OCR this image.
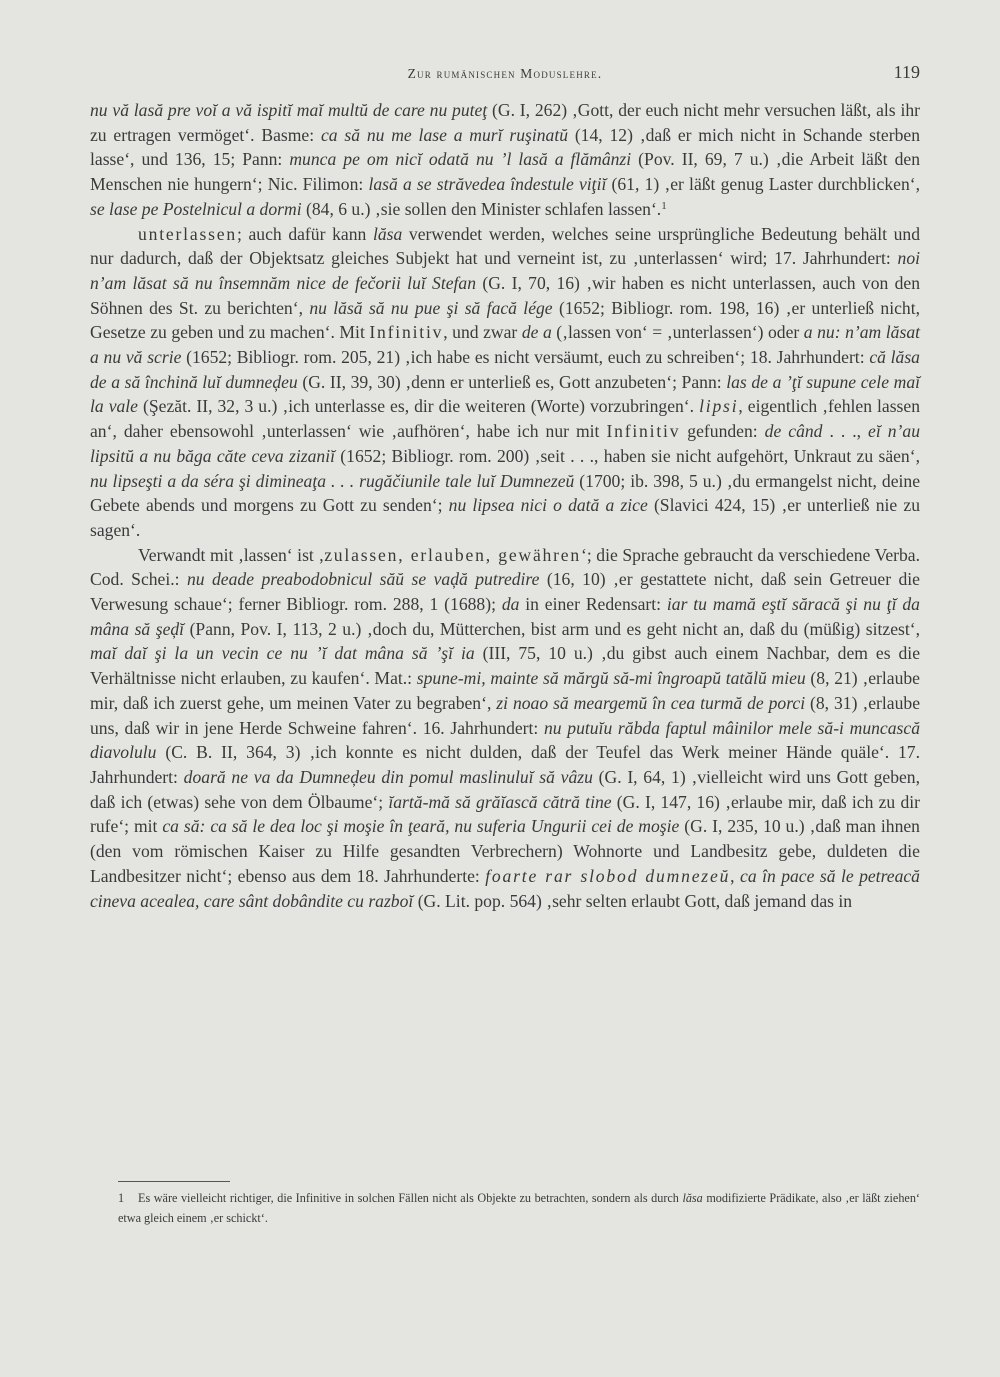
Zur rumänischen Moduslehre.	119

nu vă lasă pre voĭ a vă ispitĭ maĭ multŭ de care nu puteţ (G. I, 262) ‚Gott, der euch nicht mehr versuchen läßt, als ihr zu ertragen vermöget‘. Basme: ca să nu me lase a murĭ ruşinatŭ (14, 12) ‚daß er mich nicht in Schande sterben lasse‘, und 136, 15; Pann: munca pe om nicĭ odată nu ’l lasă a flămânzi (Pov. II, 69, 7 u.) ‚die Arbeit läßt den Menschen nie hungern‘; Nic. Filimon: lasă a se străvedea îndestule viţiĭ (61, 1) ‚er läßt genug Laster durchblicken‘, se lase pe Postelnicul a dormi (84, 6 u.) ‚sie sollen den Minister schlafen lassen‘.$^1$

unterlassen; auch dafür kann lăsa verwendet werden, welches seine ursprüngliche Bedeutung behält und nur dadurch, daß der Objektsatz gleiches Subjekt hat und verneint ist, zu ‚unterlassen‘ wird; 17. Jahrhundert: noi n’am lăsat să nu însemnăm nice de fečorii luĭ Stefan (G. I, 70, 16) ‚wir haben es nicht unterlassen, auch von den Söhnen des St. zu berichten‘, nu lăsă să nu pue şi să facă lége (1652; Bibliogr. rom. 198, 16) ‚er unterließ nicht, Gesetze zu geben und zu machen‘. Mit Infinitiv, und zwar de a (‚lassen von‘ = ‚unterlassen‘) oder a nu: n’am lăsat a nu vă scrie (1652; Bibliogr. rom. 205, 21) ‚ich habe es nicht versäumt, euch zu schreiben‘; 18. Jahrhundert: că lăsa de a să închină luĭ dumneḑeu (G. II, 39, 30) ‚denn er unterließ es, Gott anzubeten‘; Pann: las de a ’ţĭ supune cele maĭ la vale (Şezăt. II, 32, 3 u.) ‚ich unterlasse es, dir die weiteren (Worte) vorzubringen‘. lipsi, eigentlich ‚fehlen lassen an‘, daher ebensowohl ‚unterlassen‘ wie ‚aufhören‘, habe ich nur mit Infinitiv gefunden: de când . . ., eĭ n’au lipsitŭ a nu băga căte ceva zizaniĭ (1652; Bibliogr. rom. 200) ‚seit . . ., haben sie nicht aufgehört, Unkraut zu säen‘, nu lipseşti a da séra şi dimineaţa . . . rugăčiunile tale luĭ Dumnezeŭ (1700; ib. 398, 5 u.) ‚du ermangelst nicht, deine Gebete abends und morgens zu Gott zu senden‘; nu lipsea nici o dată a zice (Slavici 424, 15) ‚er unterließ nie zu sagen‘.

Verwandt mit ‚lassen‘ ist ‚zulassen, erlauben, gewähren‘; die Sprache gebraucht da verschiedene Verba. Cod. Schei.: nu deade preabodobnicul săŭ se vaḑă putredire (16, 10) ‚er gestattete nicht, daß sein Getreuer die Verwesung schaue‘; ferner Bibliogr. rom. 288, 1 (1688); da in einer Redensart: iar tu mamă eştĭ săracă şi nu ţĭ da mâna să şeḑĭ (Pann, Pov. I, 113, 2 u.) ‚doch du, Mütterchen, bist arm und es geht nicht an, daß du (müßig) sitzest‘, maĭ daĭ şi la un vecin ce nu ’ĭ dat mâna să ’şĭ ia (III, 75, 10 u.) ‚du gibst auch einem Nachbar, dem es die Verhältnisse nicht erlauben, zu kaufen‘. Mat.: spune-mi, mainte să mărgŭ să-mi îngroapŭ tatălŭ mieu (8, 21) ‚erlaube mir, daß ich zuerst gehe, um meinen Vater zu begraben‘, zi noao să meargemŭ în cea turmă de porci (8, 31) ‚erlaube uns, daß wir in jene Herde Schweine fahren‘. 16. Jahrhundert: nu putuĭu răbda faptul mâinilor mele să-i muncască diavolulu (C. B. II, 364, 3) ‚ich konnte es nicht dulden, daß der Teufel das Werk meiner Hände quäle‘. 17. Jahrhundert: doară ne va da Dumneḑeu din pomul maslinuluĭ să vâzu (G. I, 64, 1) ‚vielleicht wird uns Gott geben, daß ich (etwas) sehe von dem Ölbaume‘; ĭartă-mă să grăĭască cătră tine (G. I, 147, 16) ‚erlaube mir, daß ich zu dir rufe‘; mit ca să: ca să le dea loc şi moşie în ţeară, nu suferia Ungurii cei de moşie (G. I, 235, 10 u.) ‚daß man ihnen (den vom römischen Kaiser zu Hilfe gesandten Verbrechern) Wohnorte und Landbesitz gebe, duldeten die Landbesitzer nicht‘; ebenso aus dem 18. Jahrhunderte: foarte rar slobod dumnezeŭ, ca în pace să le petreacă cineva acealea, care sânt dobândite cu razboĭ (G. Lit. pop. 564) ‚sehr selten erlaubt Gott, daß jemand das in

1 Es wäre vielleicht richtiger, die Infinitive in solchen Fällen nicht als Objekte zu betrachten, sondern als durch lăsa modifizierte Prädikate, also ‚er läßt ziehen‘ etwa gleich einem ‚er schickt‘.
